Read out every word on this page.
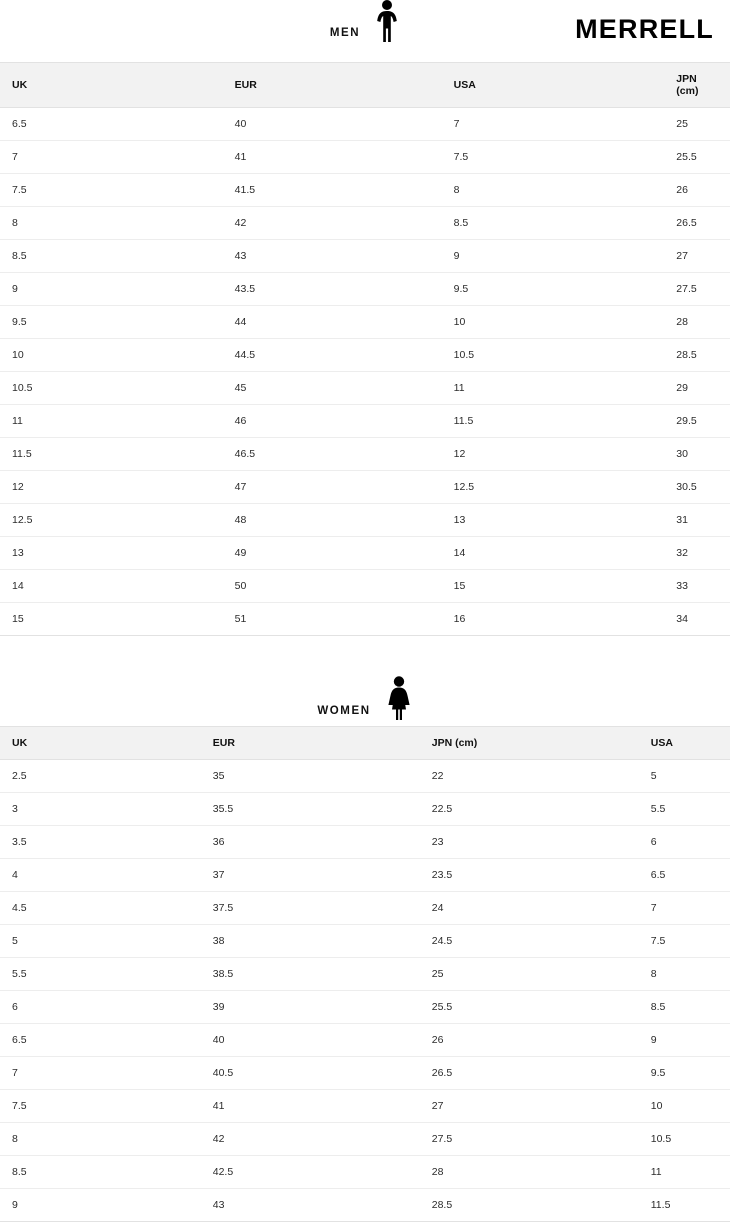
MEN	MERRELL
UK	EUR	USA	JPN (cm)
6.5	40	7	25
7	41	7.5	25.5
7.5	41.5	8	26
8	42	8.5	26.5
8.5	43	9	27
9	43.5	9.5	27.5
9.5	44	10	28
10	44.5	10.5	28.5
10.5	45	11	29
11	46	11.5	29.5
11.5	46.5	12	30
12	47	12.5	30.5
12.5	48	13	31
13	49	14	32
14	50	15	33
15	51	16	34
WOMEN
UK	EUR	JPN (cm)	USA
2.5	35	22	5
3	35.5	22.5	5.5
3.5	36	23	6
4	37	23.5	6.5
4.5	37.5	24	7
5	38	24.5	7.5
5.5	38.5	25	8
6	39	25.5	8.5
6.5	40	26	9
7	40.5	26.5	9.5
7.5	41	27	10
8	42	27.5	10.5
8.5	42.5	28	11
9	43	28.5	11.5
